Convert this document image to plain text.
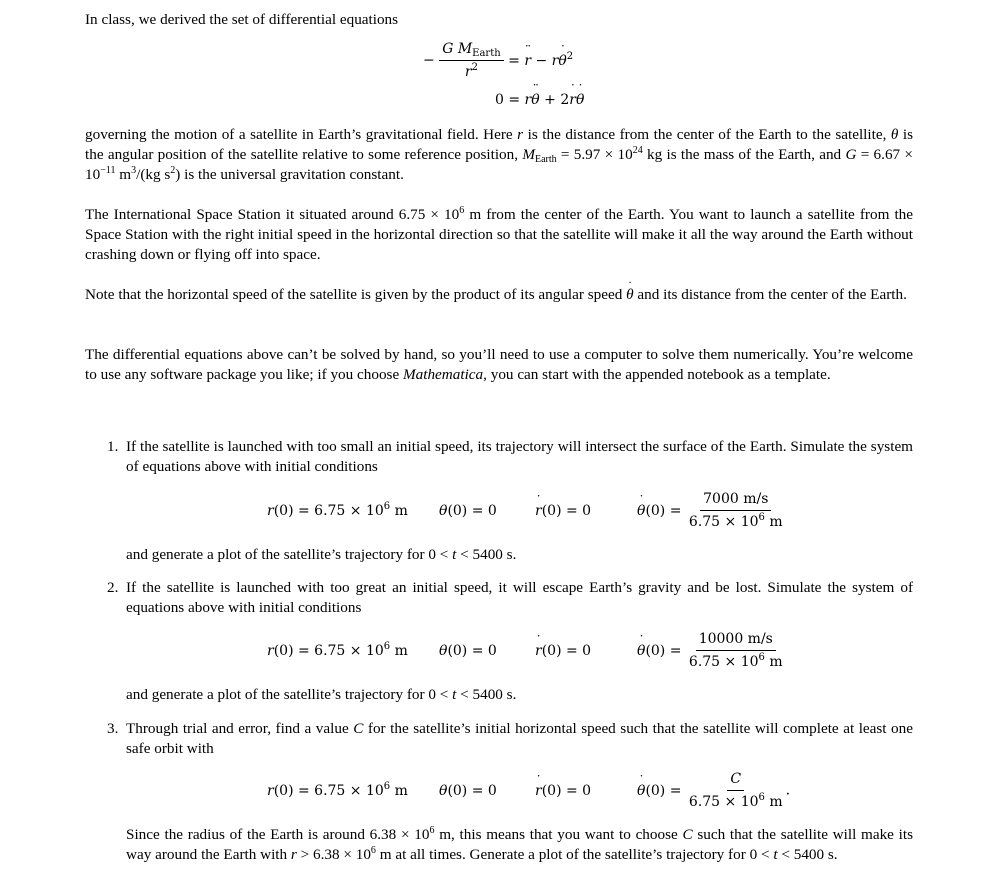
In class, we derived the set of differential equations

− $\frac{G M_{Earth}}{r^2} = r$ ¨ − rθ ˙$^2$
0 = rθ ¨ + 2r ˙θ ˙

governing the motion of a satellite in Earth’s gravitational field. Here r is the distance from the center of the Earth to the satellite, θ is the angular position of the satellite relative to some reference position, $M_{Earth} = 5.97 \times 10^{24}$ kg is the mass of the Earth, and $G = 6.67 \times 10^{-11}$ $m^3/(kg$ $s^2$) is the universal gravitation constant.

The International Space Station it situated around $6.75 \times 10^6$ m from the center of the Earth. You want to launch a satellite from the Space Station with the right initial speed in the horizontal direction so that the satellite will make it all the way around the Earth without crashing down or flying off into space.

Note that the horizontal speed of the satellite is given by the product of its angular speed θ ˙ and its distance from the center of the Earth.

The differential equations above can’t be solved by hand, so you’ll need to use a computer to solve them numerically. You’re welcome to use any software package you like; if you choose Mathematica, you can start with the appended notebook as a template.

1. If the satellite is launched with too small an initial speed, its trajectory will intersect the surface of the Earth. Simulate the system of equations above with initial conditions

$r(0) = 6.75 \times 10^6$ m θ(0) = 0	r ˙(0) = 0	θ ˙(0) = $\frac{7000 m/s}{6.75 \times 10^6 m}$

and generate a plot of the satellite’s trajectory for 0 < t < 5400 s.

2. If the satellite is launched with too great an initial speed, it will escape Earth’s gravity and be lost. Simulate the system of equations above with initial conditions

$r(0) = 6.75 \times 10^6$ m θ(0) = 0	r ˙(0) = 0	θ ˙(0) = $\frac{10000 m/s}{6.75 \times 10^6 m}$

and generate a plot of the satellite’s trajectory for 0 < t < 5400 s.

3. Through trial and error, find a value C for the satellite’s initial horizontal speed such that the satellite will complete at least one safe orbit with

$r(0) = 6.75 \times 10^6$ m θ(0) = 0	r ˙(0) = 0	θ ˙(0) = $\frac{C}{6.75 \times 10^6 m}$ .

Since the radius of the Earth is around $6.38 \times 10^6$ m, this means that you want to choose C such that the satellite will make its way around the Earth with $r > 6.38 \times 10^6$ m at all times. Generate a plot of the satellite’s trajectory for 0 < t < 5400 s.
